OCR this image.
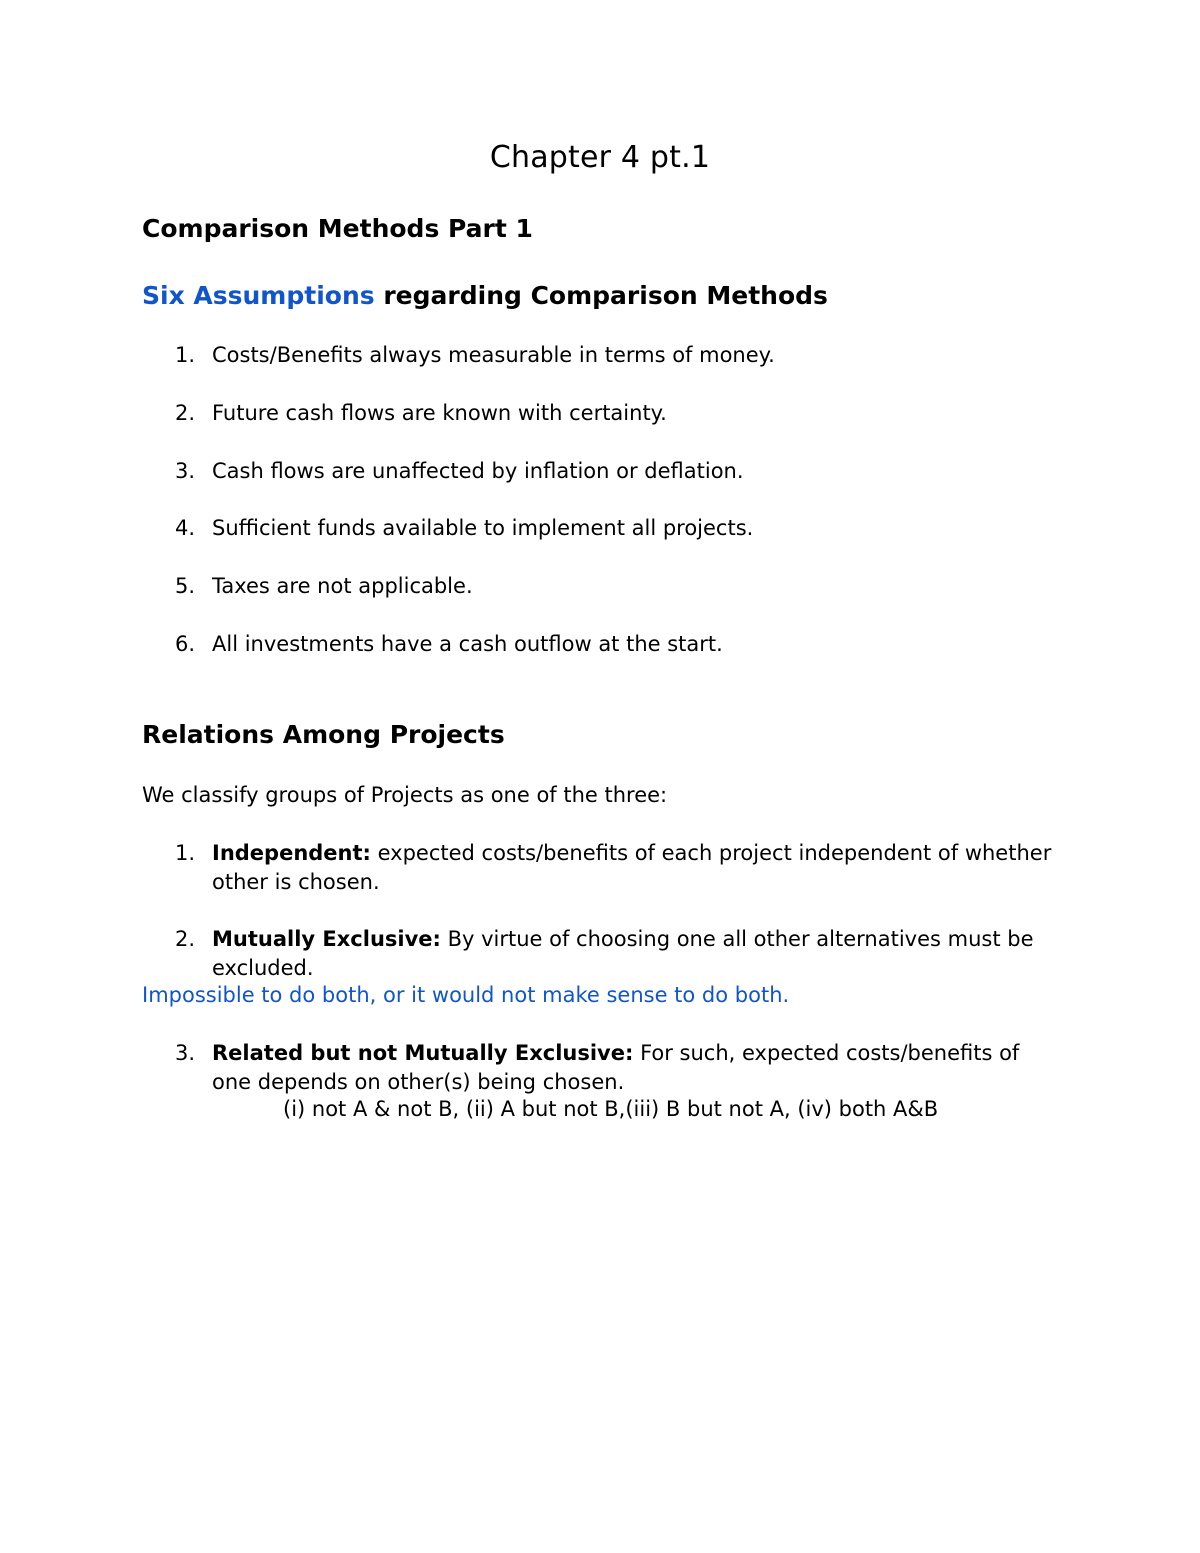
Chapter 4 pt.1
Comparison Methods Part 1
Six Assumptions regarding Comparison Methods
1. Costs/Benefits always measurable in terms of money.
2. Future cash flows are known with certainty.
3. Cash flows are unaffected by inflation or deflation.
4. Sufficient funds available to implement all projects.
5. Taxes are not applicable.
6. All investments have a cash outflow at the start.
Relations Among Projects
We classify groups of Projects as one of the three:
1. Independent: expected costs/benefits of each project independent of whether other is chosen.
2. Mutually Exclusive: By virtue of choosing one all other alternatives must be excluded.
Impossible to do both, or it would not make sense to do both.
3. Related but not Mutually Exclusive: For such, expected costs/benefits of one depends on other(s) being chosen.
(i) not A & not B, (ii) A but not B,(iii) B but not A, (iv) both A&B
